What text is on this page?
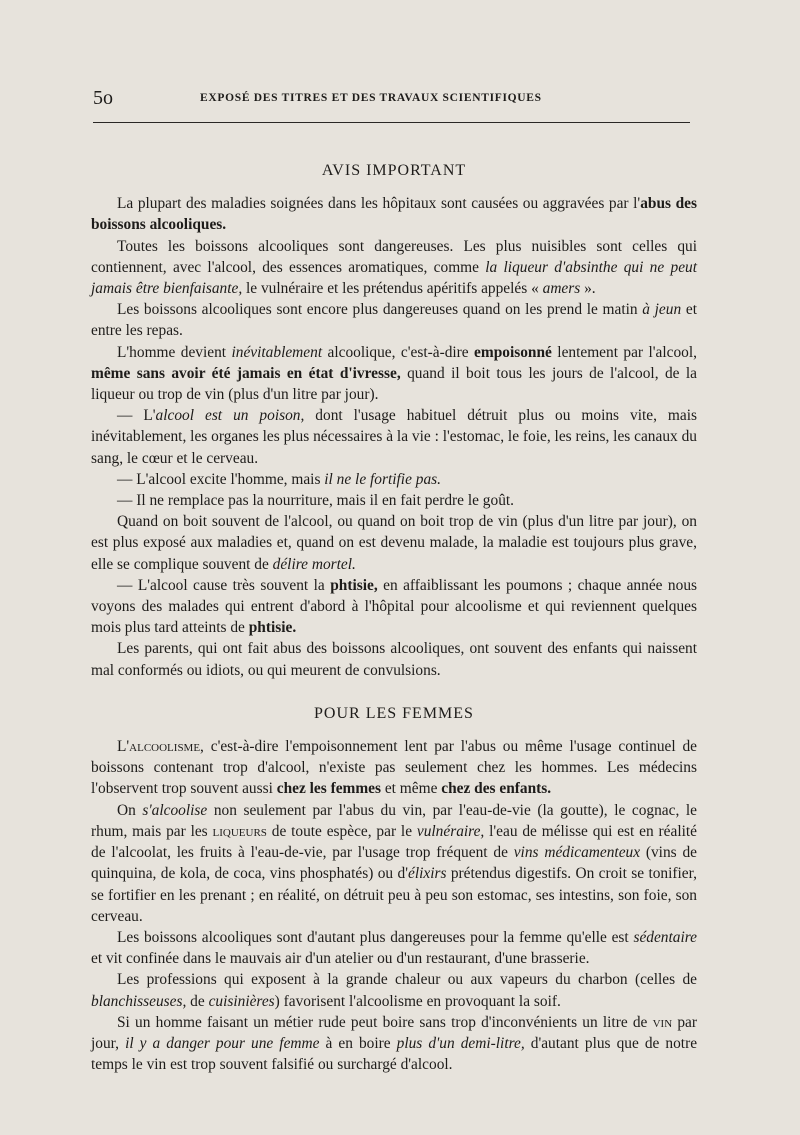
5o	EXPOSÉ DES TITRES ET DES TRAVAUX SCIENTIFIQUES
AVIS IMPORTANT

La plupart des maladies soignées dans les hôpitaux sont causées ou aggravées par l'abus des boissons alcooliques.

Toutes les boissons alcooliques sont dangereuses. Les plus nuisibles sont celles qui contiennent, avec l'alcool, des essences aromatiques, comme la liqueur d'absinthe qui ne peut jamais être bienfaisante, le vulnéraire et les prétendus apéritifs appelés « amers ».

Les boissons alcooliques sont encore plus dangereuses quand on les prend le matin à jeun et entre les repas.

L'homme devient inévitablement alcoolique, c'est-à-dire empoisonné lentement par l'alcool, même sans avoir été jamais en état d'ivresse, quand il boit tous les jours de l'alcool, de la liqueur ou trop de vin (plus d'un litre par jour).

— L'alcool est un poison, dont l'usage habituel détruit plus ou moins vite, mais inévitablement, les organes les plus nécessaires à la vie : l'estomac, le foie, les reins, les canaux du sang, le cœur et le cerveau.

— L'alcool excite l'homme, mais il ne le fortifie pas.

— Il ne remplace pas la nourriture, mais il en fait perdre le goût.

Quand on boit souvent de l'alcool, ou quand on boit trop de vin (plus d'un litre par jour), on est plus exposé aux maladies et, quand on est devenu malade, la maladie est toujours plus grave, elle se complique souvent de délire mortel.

— L'alcool cause très souvent la phtisie, en affaiblissant les poumons ; chaque année nous voyons des malades qui entrent d'abord à l'hôpital pour alcoolisme et qui reviennent quelques mois plus tard atteints de phtisie.

Les parents, qui ont fait abus des boissons alcooliques, ont souvent des enfants qui naissent mal conformés ou idiots, ou qui meurent de convulsions.

POUR LES FEMMES

L'alcoolisme, c'est-à-dire l'empoisonnement lent par l'abus ou même l'usage continuel de boissons contenant trop d'alcool, n'existe pas seulement chez les hommes. Les médecins l'observent trop souvent aussi chez les femmes et même chez des enfants.

On s'alcoolise non seulement par l'abus du vin, par l'eau-de-vie (la goutte), le cognac, le rhum, mais par les liqueurs de toute espèce, par le vulnéraire, l'eau de mélisse qui est en réalité de l'alcoolat, les fruits à l'eau-de-vie, par l'usage trop fréquent de vins médicamenteux (vins de quinquina, de kola, de coca, vins phosphatés) ou d'élixirs prétendus digestifs. On croit se tonifier, se fortifier en les prenant ; en réalité, on détruit peu à peu son estomac, ses intestins, son foie, son cerveau.

Les boissons alcooliques sont d'autant plus dangereuses pour la femme qu'elle est sédentaire et vit confinée dans le mauvais air d'un atelier ou d'un restaurant, d'une brasserie.

Les professions qui exposent à la grande chaleur ou aux vapeurs du charbon (celles de blanchisseuses, de cuisinières) favorisent l'alcoolisme en provoquant la soif.

Si un homme faisant un métier rude peut boire sans trop d'inconvénients un litre de vin par jour, il y a danger pour une femme à en boire plus d'un demi-litre, d'autant plus que de notre temps le vin est trop souvent falsifié ou surchargé d'alcool.
